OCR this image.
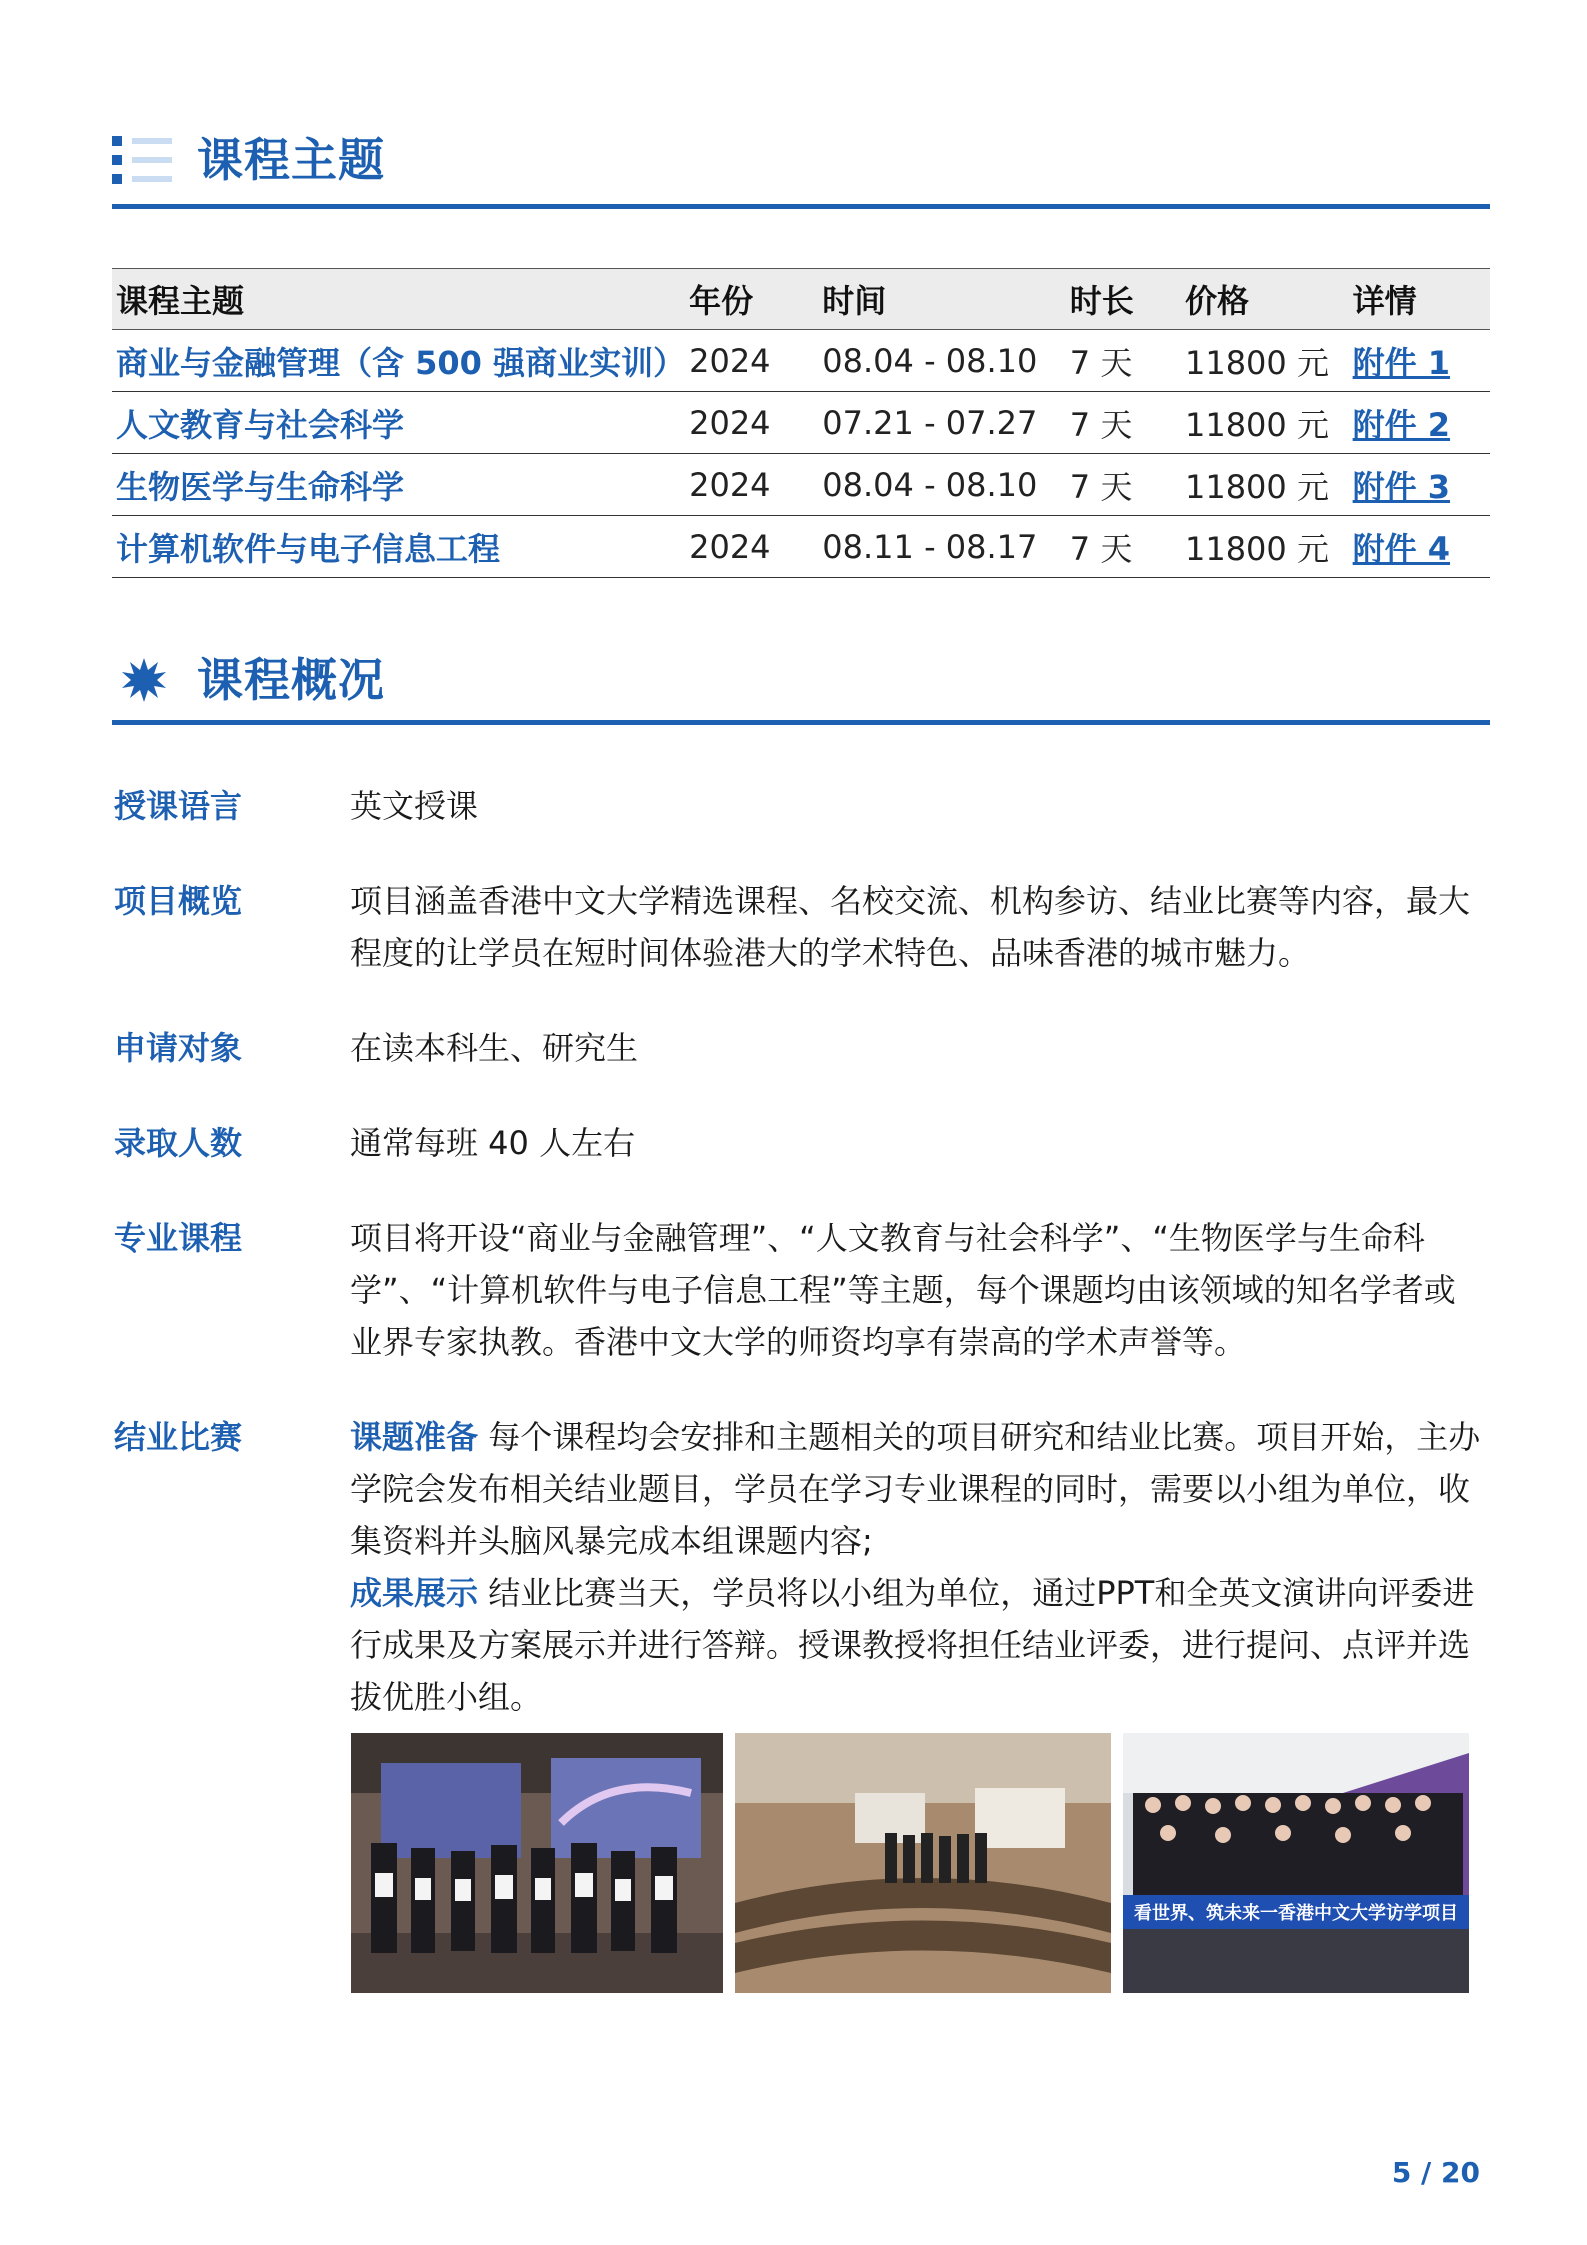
课程主题
课程主题	年份	时间	时长	价格	详情
商业与金融管理（含 500 强商业实训）	2024	08.04 - 08.10	7 天	11800 元	附件 1
人文教育与社会科学	2024	07.21 - 07.27	7 天	11800 元	附件 2
生物医学与生命科学	2024	08.04 - 08.10	7 天	11800 元	附件 3
计算机软件与电子信息工程	2024	08.11 - 08.17	7 天	11800 元	附件 4
课程概况
授课语言	英文授课
项目概览	项目涵盖香港中文大学精选课程、名校交流、机构参访、结业比赛等内容，最大程度的让学员在短时间体验港大的学术特色、品味香港的城市魅力。
申请对象	在读本科生、研究生
录取人数	通常每班 40 人左右
专业课程	项目将开设“商业与金融管理”、“人文教育与社会科学”、“生物医学与生命科学”、“计算机软件与电子信息工程”等主题，每个课题均由该领域的知名学者或业界专家执教。香港中文大学的师资均享有崇高的学术声誉等。
结业比赛	课题准备 每个课程均会安排和主题相关的项目研究和结业比赛。项目开始，主办学院会发布相关结业题目，学员在学习专业课程的同时，需要以小组为单位，收集资料并头脑风暴完成本组课题内容;
成果展示 结业比赛当天，学员将以小组为单位，通过PPT和全英文演讲向评委进行成果及方案展示并进行答辩。授课教授将担任结业评委，进行提问、点评并选拔优胜小组。
看世界、筑未来一香港中文大学访学项目
5 / 20
